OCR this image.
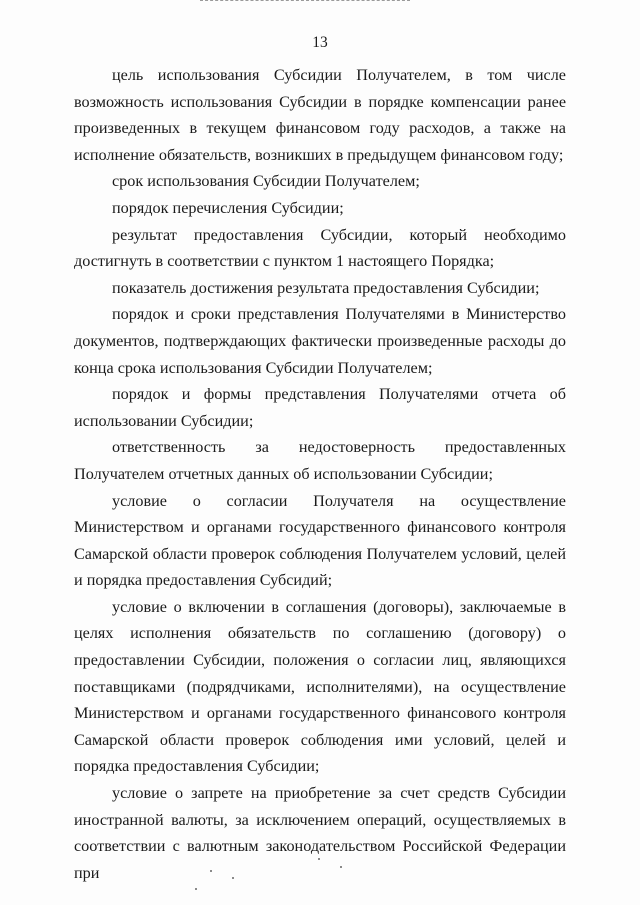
13

цель использования Субсидии Получателем, в том числе возможность использования Субсидии в порядке компенсации ранее произведенных в текущем финансовом году расходов, а также на исполнение обязательств, возникших в предыдущем финансовом году;

срок использования Субсидии Получателем;

порядок перечисления Субсидии;

результат предоставления Субсидии, который необходимо достигнуть в соответствии с пунктом 1 настоящего Порядка;

показатель достижения результата предоставления Субсидии;

порядок и сроки представления Получателями в Министерство документов, подтверждающих фактически произведенные расходы до конца срока использования Субсидии Получателем;

порядок и формы представления Получателями отчета об использовании Субсидии;

ответственность за недостоверность предоставленных Получателем отчетных данных об использовании Субсидии;

условие о согласии Получателя на осуществление Министерством и органами государственного финансового контроля Самарской области проверок соблюдения Получателем условий, целей и порядка предоставления Субсидий;

условие о включении в соглашения (договоры), заключаемые в целях исполнения обязательств по соглашению (договору) о предоставлении Субсидии, положения о согласии лиц, являющихся поставщиками (подрядчиками, исполнителями), на осуществление Министерством и органами государственного финансового контроля Самарской области проверок соблюдения ими условий, целей и порядка предоставления Субсидии;

условие о запрете на приобретение за счет средств Субсидии иностранной валюты, за исключением операций, осуществляемых в соответствии с валютным законодательством Российской Федерации при
